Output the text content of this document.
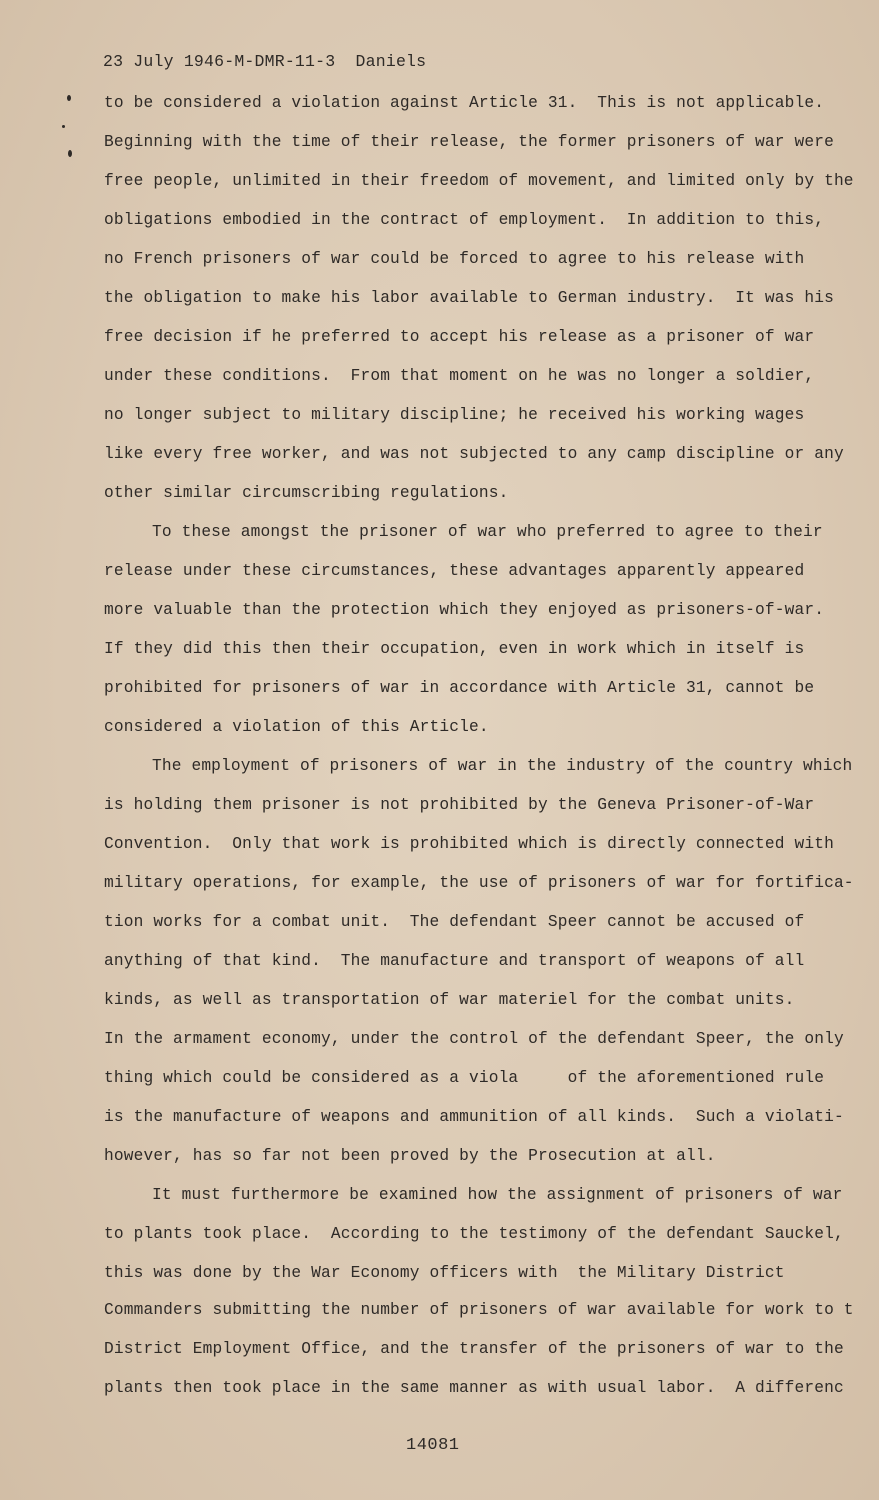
23 July 1946-M-DMR-11-3  Daniels
to be considered a violation against Article 31.  This is not applicable.
Beginning with the time of their release, the former prisoners of war were
free people, unlimited in their freedom of movement, and limited only by the
obligations embodied in the contract of employment.  In addition to this,
no French prisoners of war could be forced to agree to his release with
the obligation to make his labor available to German industry.  It was his
free decision if he preferred to accept his release as a prisoner of war
under these conditions.  From that moment on he was no longer a soldier,
no longer subject to military discipline; he received his working wages
like every free worker, and was not subjected to any camp discipline or any
other similar circumscribing regulations.
To these amongst the prisoner of war who preferred to agree to their
release under these circumstances, these advantages apparently appeared
more valuable than the protection which they enjoyed as prisoners-of-war.
If they did this then their occupation, even in work which in itself is
prohibited for prisoners of war in accordance with Article 31, cannot be
considered a violation of this Article.
The employment of prisoners of war in the industry of the country which
is holding them prisoner is not prohibited by the Geneva Prisoner-of-War
Convention.  Only that work is prohibited which is directly connected with
military operations, for example, the use of prisoners of war for fortifica-
tion works for a combat unit.  The defendant Speer cannot be accused of
anything of that kind.  The manufacture and transport of weapons of all
kinds, as well as transportation of war materiel for the combat units.
In the armament economy, under the control of the defendant Speer, the only
thing which could be considered as a viola     of the aforementioned rule
is the manufacture of weapons and ammunition of all kinds.  Such a violati-
however, has so far not been proved by the Prosecution at all.
It must furthermore be examined how the assignment of prisoners of war
to plants took place.  According to the testimony of the defendant Sauckel,
this was done by the War Economy officers with  the Military District
Commanders submitting the number of prisoners of war available for work to t
District Employment Office, and the transfer of the prisoners of war to the
plants then took place in the same manner as with usual labor.  A differenc
14081
